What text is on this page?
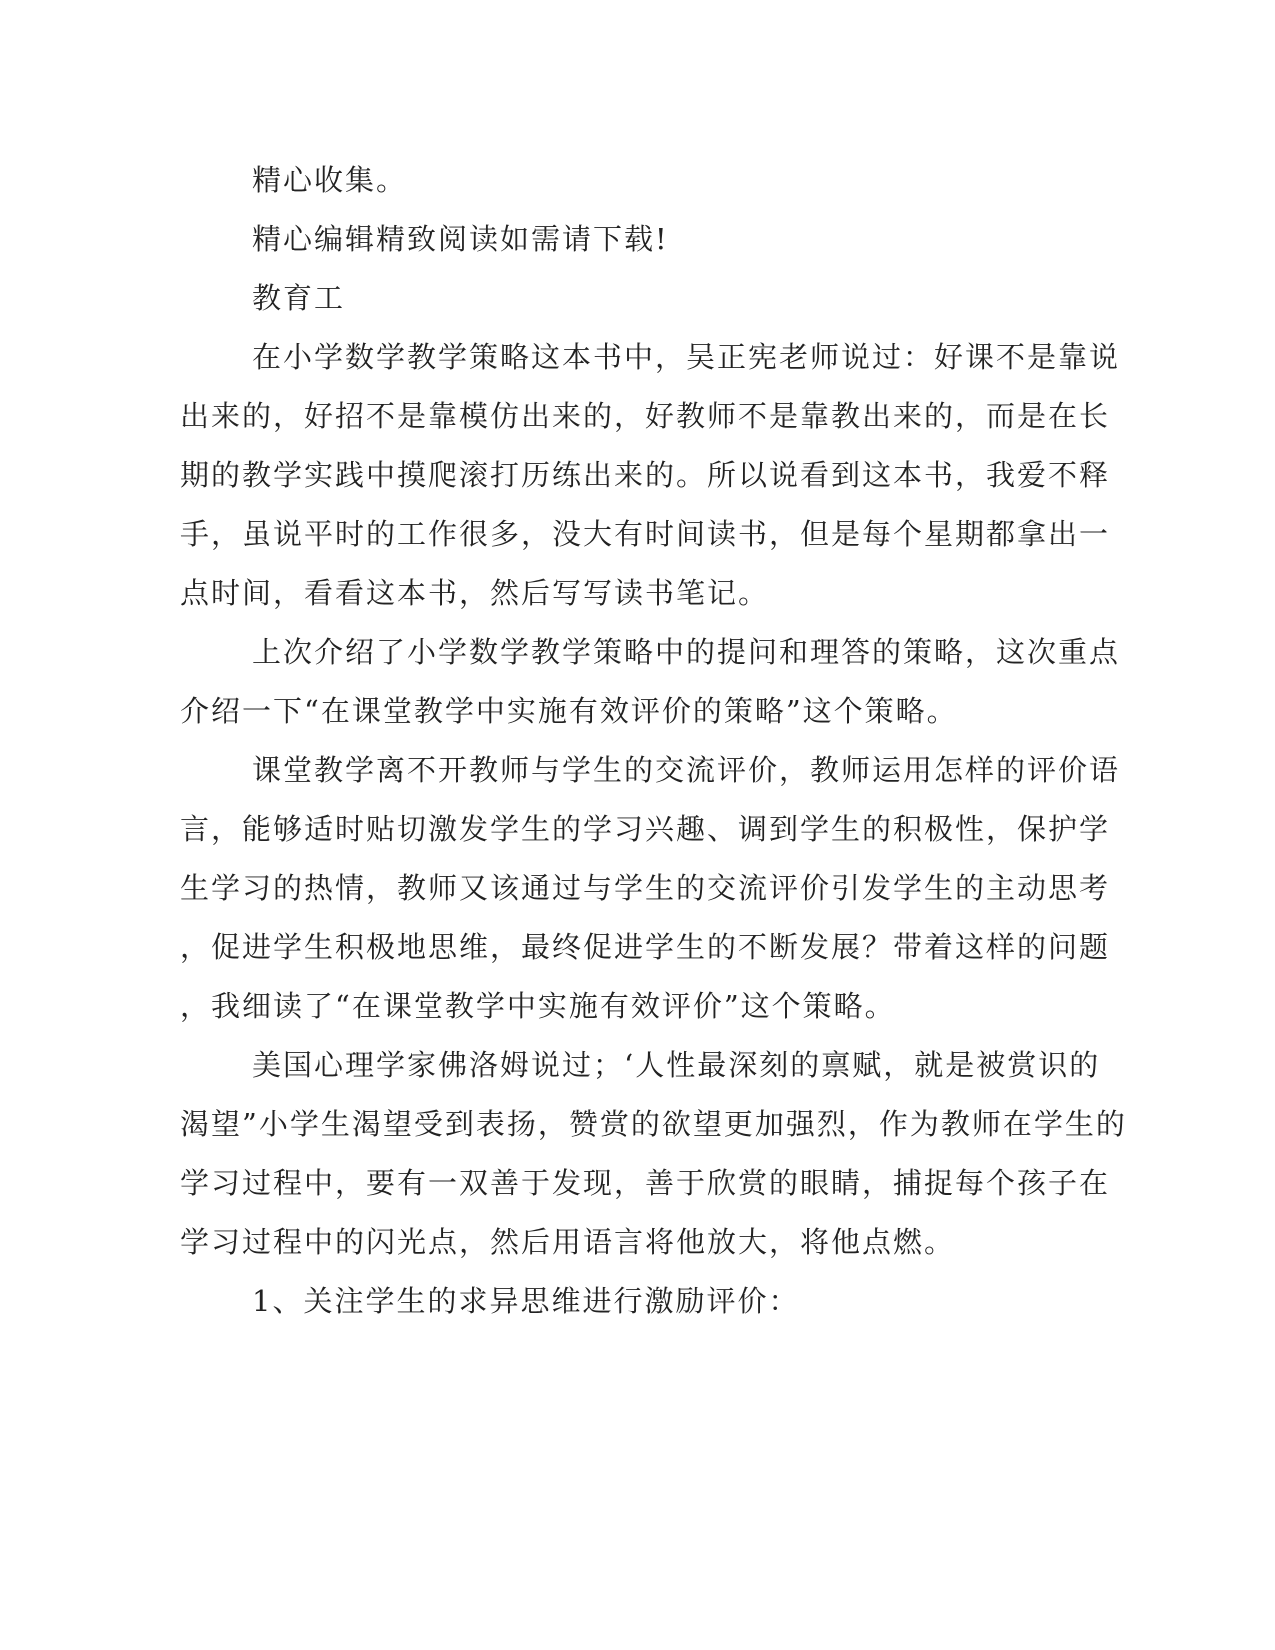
精心收集。

精心编辑精致阅读如需请下载!

教育工

在小学数学教学策略这本书中，吴正宪老师说过：好课不是靠说

出来的，好招不是靠模仿出来的，好教师不是靠教出来的，而是在长

期的教学实践中摸爬滚打历练出来的。所以说看到这本书，我爱不释

手，虽说平时的工作很多，没大有时间读书，但是每个星期都拿出一

点时间，看看这本书，然后写写读书笔记。

上次介绍了小学数学教学策略中的提问和理答的策略，这次重点

介绍一下“在课堂教学中实施有效评价的策略”这个策略。

课堂教学离不开教师与学生的交流评价，教师运用怎样的评价语

言，能够适时贴切激发学生的学习兴趣、调到学生的积极性，保护学

生学习的热情，教师又该通过与学生的交流评价引发学生的主动思考

，促进学生积极地思维，最终促进学生的不断发展？带着这样的问题

，我细读了“在课堂教学中实施有效评价”这个策略。

美国心理学家佛洛姆说过；‘人性最深刻的禀赋，就是被赏识的

渴望”小学生渴望受到表扬，赞赏的欲望更加强烈，作为教师在学生的

学习过程中，要有一双善于发现，善于欣赏的眼睛，捕捉每个孩子在

学习过程中的闪光点，然后用语言将他放大，将他点燃。

1、关注学生的求异思维进行激励评价：
